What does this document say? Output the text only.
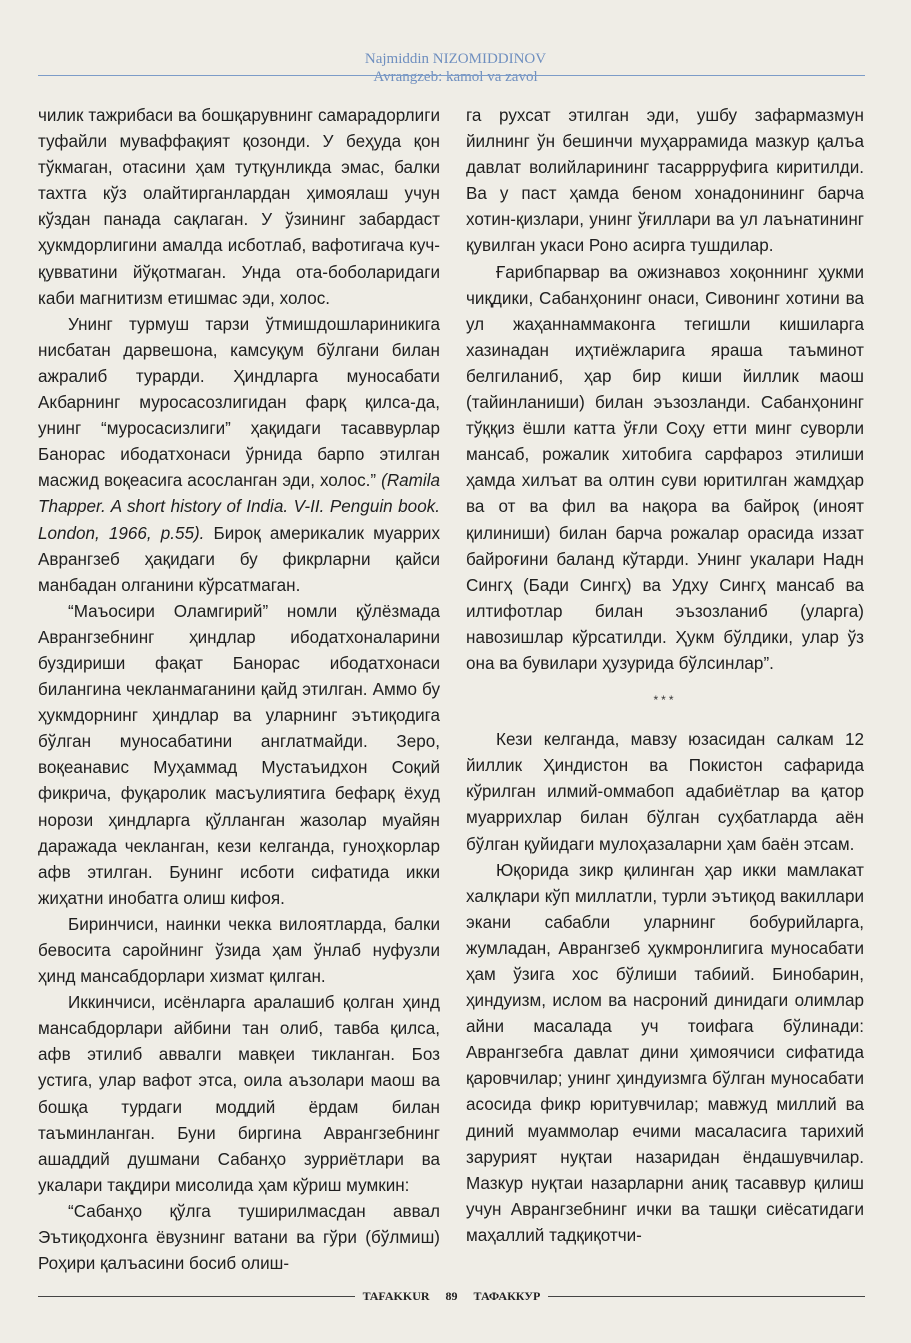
Najmiddin NIZOMIDDINOV
Avrangzeb: kamol va zavol

чилик тажрибаси ва бошқарувнинг самарадорлиги туфайли муваффақият қозонди. У беҳуда қон тўкмаган, отасини ҳам тутқунликда эмас, балки тахтга кўз олайтирганлардан ҳимоялаш учун кўздан панада сақлаган. У ўзининг забардаст ҳукмдорлигини амалда исботлаб, вафотигача куч-қувватини йўқотмаган. Унда ота-боболаридаги каби магнитизм етишмас эди, холос.

Унинг турмуш тарзи ўтмишдошлариникига нисбатан дарвешона, камсуқум бўлгани билан ажралиб турарди. Ҳиндларга муносабати Акбарнинг муросасозлигидан фарқ қилса-да, унинг “муросасизлиги” ҳақидаги тасаввурлар Банорас ибодатхонаси ўрнида барпо этилган масжид воқеасига асосланган эди, холос.” (Ramila Thapper. A short history of India. V-II. Penguin book. London, 1966, p.55). Бироқ америкалик муаррих Аврангзеб ҳақидаги бу фикрларни қайси манбадан олганини кўрсатмаган.

“Маъосири Оламгирий” номли қўлёзмада Аврангзебнинг ҳиндлар ибодатхоналарини буздириши фақат Банорас ибодатхонаси билангина чекланмаганини қайд этилган. Аммо бу ҳукмдорнинг ҳиндлар ва уларнинг эътиқодига бўлган муносабатини англатмайди. Зеро, воқеанавис Муҳаммад Мустаъидхон Соқий фикрича, фуқаролик масъулиятига бефарқ ёхуд норози ҳиндларга қўлланган жазолар муайян даражада чекланган, кези келганда, гуноҳкорлар афв этилган. Бунинг исботи сифатида икки жиҳатни инобатга олиш кифоя.

Биринчиси, наинки чекка вилоятларда, балки бевосита саройнинг ўзида ҳам ўнлаб нуфузли ҳинд мансабдорлари хизмат қилган.

Иккинчиси, исёнларга аралашиб қолган ҳинд мансабдорлари айбини тан олиб, тавба қилса, афв этилиб аввалги мавқеи тикланган. Боз устига, улар вафот этса, оила аъзолари маош ва бошқа турдаги моддий ёрдам билан таъминланган. Буни биргина Аврангзебнинг ашаддий душмани Сабанҳо зурриётлари ва укалари тақдири мисолида ҳам кўриш мумкин:

“Сабанҳо қўлга туширилмасдан аввал Эътиқодхонга ёвузнинг ватани ва гўри (бўлмиш) Роҳири қалъасини босиб олиш-

га рухсат этилган эди, ушбу зафармазмун йилнинг ўн бешинчи муҳаррамида мазкур қалъа давлат волийларининг тасаррруфига киритилди. Ва у паст ҳамда беном хонадонининг барча хотин-қизлари, унинг ўғиллари ва ул лаънатининг қувилган укаси Роно асирга тушдилар.

Ғарибпарвар ва ожизнавоз хоқоннинг ҳукми чиқдики, Сабанҳонинг онаси, Сивонинг хотини ва ул жаҳаннаммаконга тегишли кишиларга хазинадан иҳтиёжларига яраша таъминот белгиланиб, ҳар бир киши йиллик маош (тайинланиши) билан эъзозланди. Сабанҳонинг тўққиз ёшли катта ўғли Соҳу етти минг суворли мансаб, рожалик хитобига сарфароз этилиши ҳамда хилъат ва олтин суви юритилган жамдҳар ва от ва фил ва нақора ва байроқ (иноят қилиниши) билан барча рожалар орасида иззат байроғини баланд кўтарди. Унинг укалари Надн Сингҳ (Бади Сингҳ) ва Удху Сингҳ мансаб ва илтифотлар билан эъзозланиб (уларга) навозишлар кўрсатилди. Ҳукм бўлдики, улар ўз она ва бувилари ҳузурида бўлсинлар”.

***

Кези келганда, мавзу юзасидан салкам 12 йиллик Ҳиндистон ва Покистон сафарида кўрилган илмий-оммабоп адабиётлар ва қатор муаррихлар билан бўлган суҳбатларда аён бўлган қуйидаги мулоҳазаларни ҳам баён этсам.

Юқорида зикр қилинган ҳар икки мамлакат халқлари кўп миллатли, турли эътиқод вакиллари экани сабабли уларнинг бобурийларга, жумладан, Аврангзеб ҳукмронлигига муносабати ҳам ўзига хос бўлиши табиий. Бинобарин, ҳиндуизм, ислом ва насроний динидаги олимлар айни масалада уч тоифага бўлинади: Аврангзебга давлат дини ҳимоячиси сифатида қаровчилар; унинг ҳиндуизмга бўлган муносабати асосида фикр юритувчилар; мавжуд миллий ва диний муаммолар ечими масаласига тарихий зарурият нуқтаи назаридан ёндашувчилар. Мазкур нуқтаи назарларни аниқ тасаввур қилиш учун Аврангзебнинг ички ва ташқи сиёсатидаги маҳаллий тадқиқотчи-

TAFAKKUR	89	ТАФАККУР
